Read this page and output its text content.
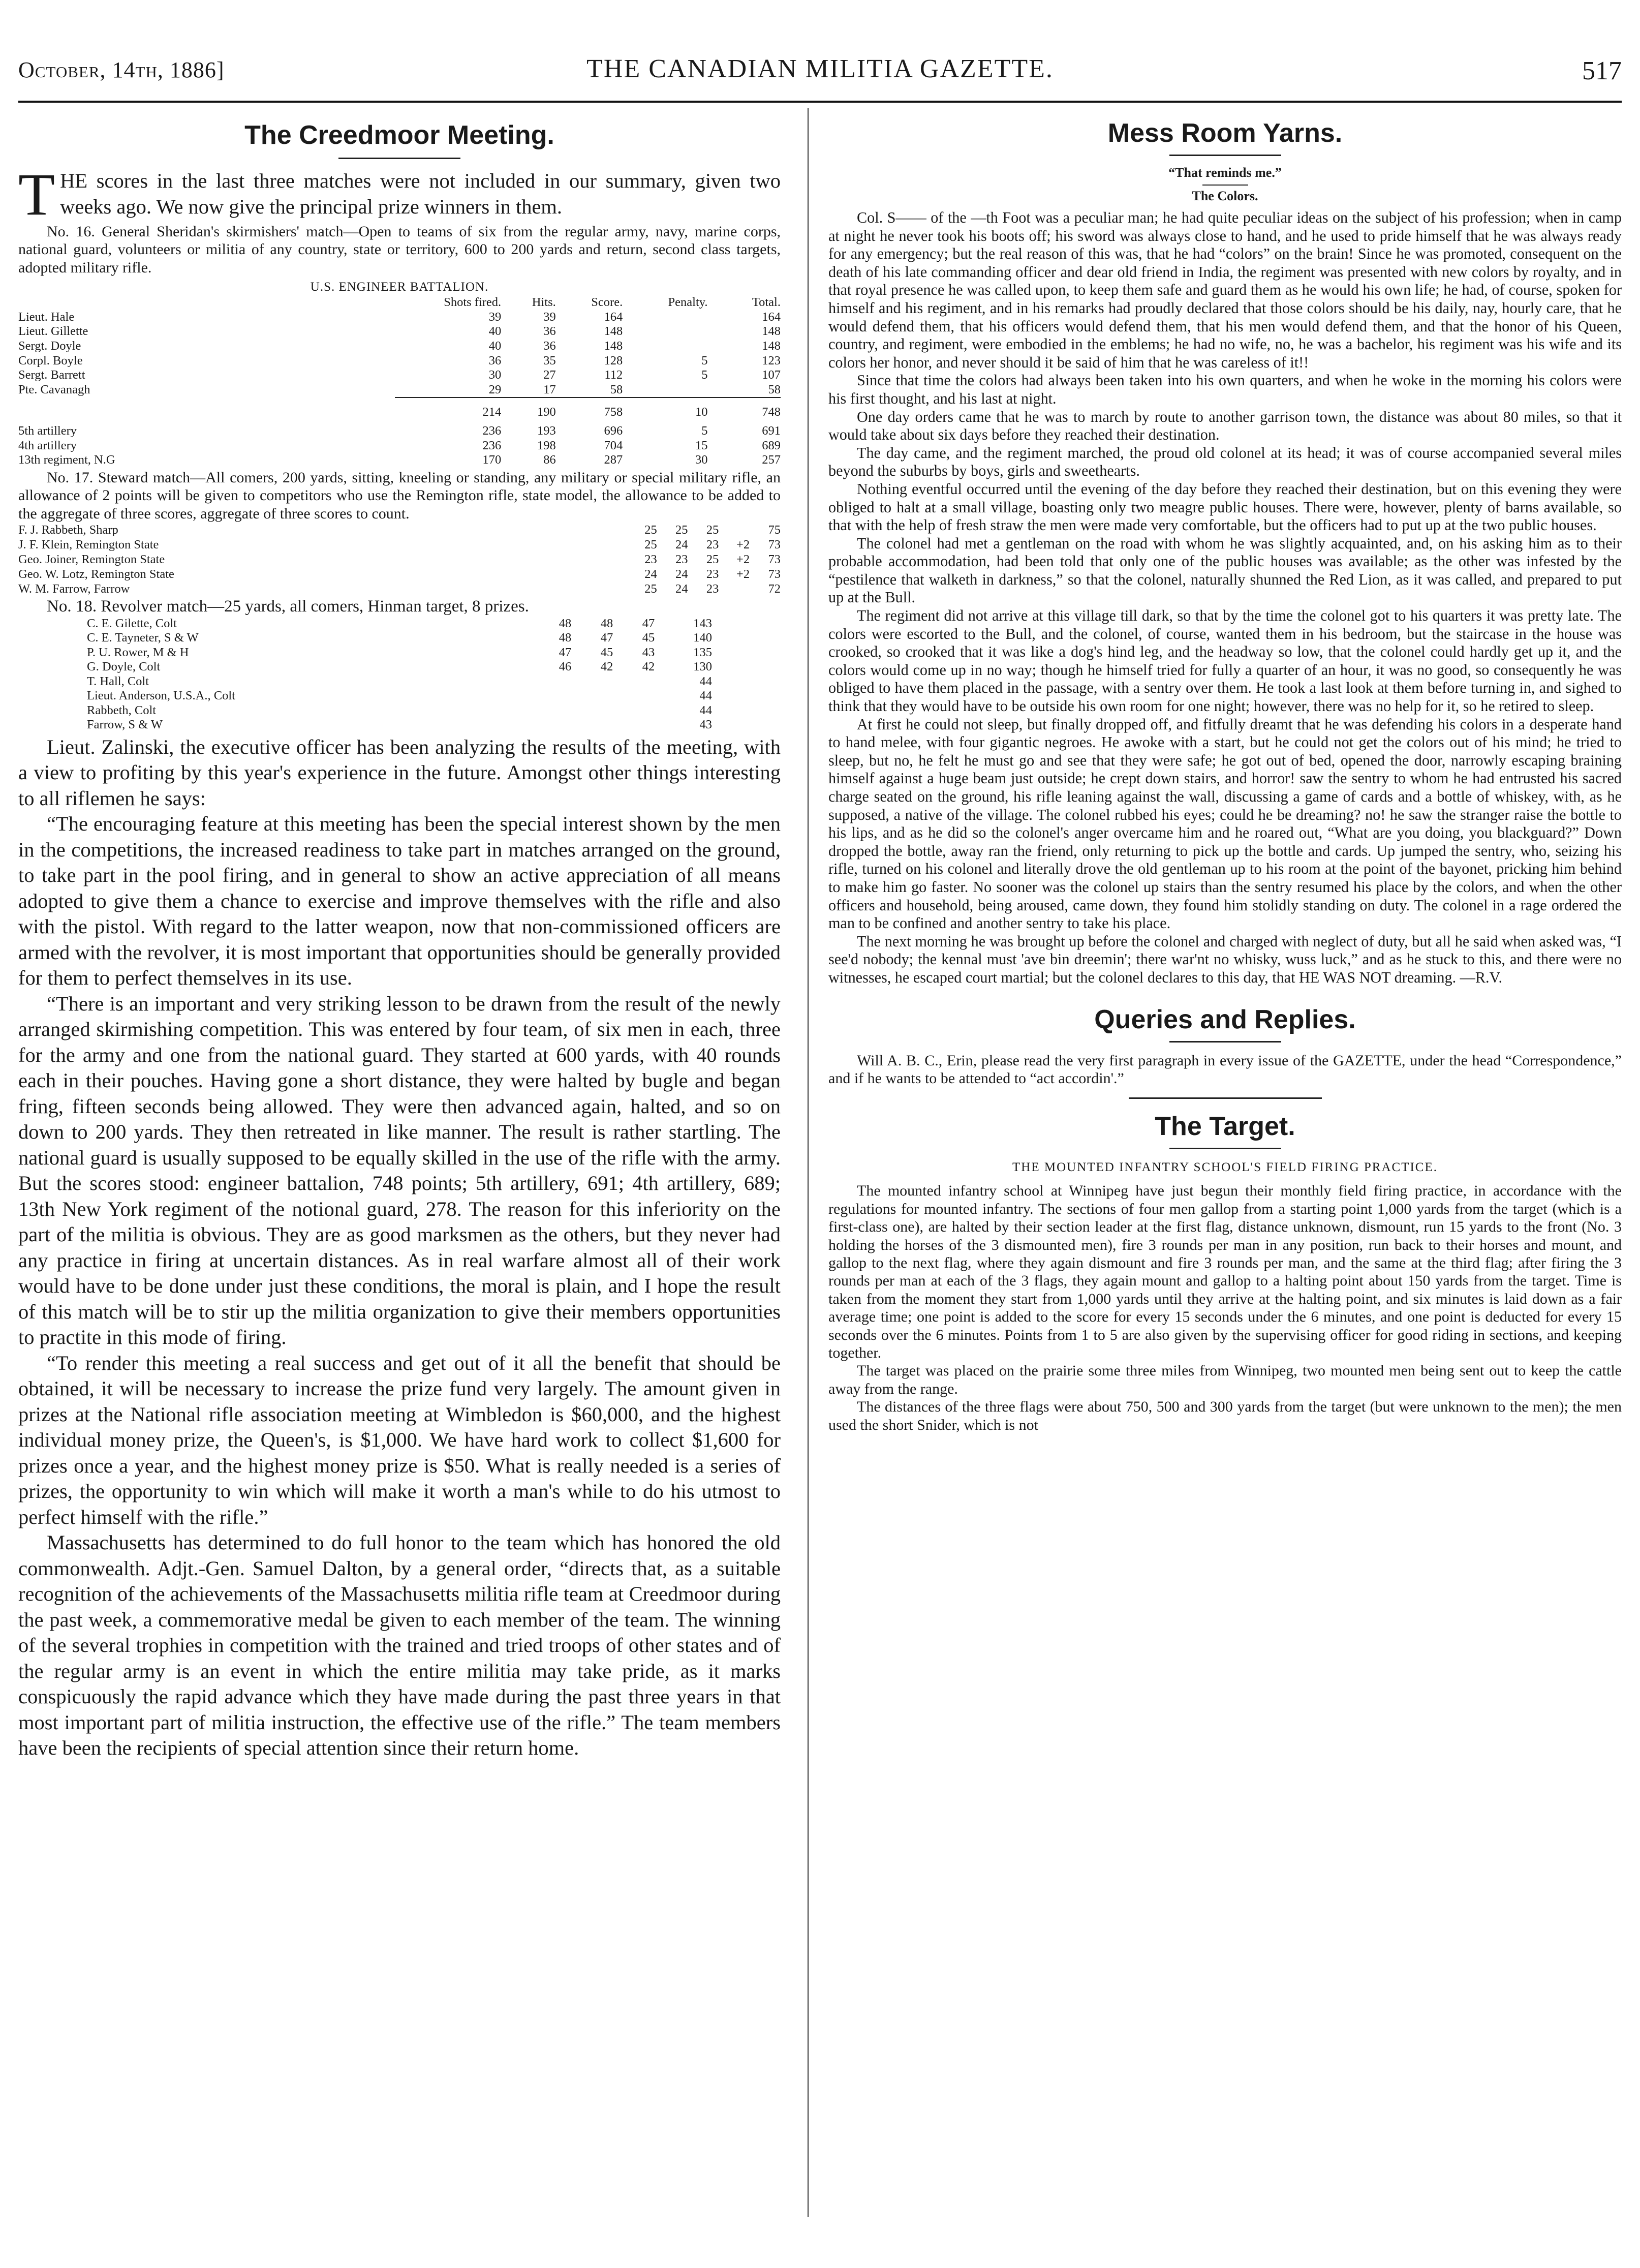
October, 14th, 1886]	THE CANADIAN MILITIA GAZETTE.	517
The Creedmoor Meeting.

THE scores in the last three matches were not included in our summary, given two weeks ago. We now give the principal prize winners in them.

No. 16. General Sheridan's skirmishers' match—Open to teams of six from the regular army, navy, marine corps, national guard, volunteers or militia of any country, state or territory, 600 to 200 yards and return, second class targets, adopted military rifle.

U.S. ENGINEER BATTALION.
	Shots fired.	Hits.	Score.	Penalty.	Total.
Lieut. Hale	39	39	164		164
Lieut. Gillette	40	36	148		148
Sergt. Doyle	40	36	148		148
Corpl. Boyle	36	35	128	5	123
Sergt. Barrett	30	27	112	5	107
Pte. Cavanagh	29	17	58		58
	214	190	758	10	748
5th artillery	236	193	696	5	691
4th artillery	236	198	704	15	689
13th regiment, N.G	170	86	287	30	257

No. 17. Steward match—All comers, 200 yards, sitting, kneeling or standing, any military or special military rifle, an allowance of 2 points will be given to competitors who use the Remington rifle, state model, the allowance to be added to the aggregate of three scores, aggregate of three scores to count.

F. J. Rabbeth, Sharp	25	25	25		75
J. F. Klein, Remington State	25	24	23	+2	73
Geo. Joiner, Remington State	23	23	25	+2	73
Geo. W. Lotz, Remington State	24	24	23	+2	73
W. M. Farrow, Farrow	25	24	23		72

No. 18. Revolver match—25 yards, all comers, Hinman target, 8 prizes.

C. E. Gilette, Colt	48	48	47	143
C. E. Tayneter, S & W	48	47	45	140
P. U. Rower, M & H	47	45	43	135
G. Doyle, Colt	46	42	42	130
T. Hall, Colt				44
Lieut. Anderson, U.S.A., Colt				44
Rabbeth, Colt				44
Farrow, S & W				43

Lieut. Zalinski, the executive officer has been analyzing the results of the meeting, with a view to profiting by this year's experience in the future. Amongst other things interesting to all riflemen he says:

“The encouraging feature at this meeting has been the special interest shown by the men in the competitions, the increased readiness to take part in matches arranged on the ground, to take part in the pool firing, and in general to show an active appreciation of all means adopted to give them a chance to exercise and improve themselves with the rifle and also with the pistol. With regard to the latter weapon, now that non-commissioned officers are armed with the revolver, it is most important that opportunities should be generally provided for them to perfect themselves in its use.

“There is an important and very striking lesson to be drawn from the result of the newly arranged skirmishing competition. This was entered by four team, of six men in each, three for the army and one from the national guard. They started at 600 yards, with 40 rounds each in their pouches. Having gone a short distance, they were halted by bugle and began fring, fifteen seconds being allowed. They were then advanced again, halted, and so on down to 200 yards. They then retreated in like manner. The result is rather startling. The national guard is usually supposed to be equally skilled in the use of the rifle with the army. But the scores stood: engineer battalion, 748 points; 5th artillery, 691; 4th artillery, 689; 13th New York regiment of the notional guard, 278. The reason for this inferiority on the part of the militia is obvious. They are as good marksmen as the others, but they never had any practice in firing at uncertain distances. As in real warfare almost all of their work would have to be done under just these conditions, the moral is plain, and I hope the result of this match will be to stir up the militia organization to give their members opportunities to practite in this mode of firing.

“To render this meeting a real success and get out of it all the benefit that should be obtained, it will be necessary to increase the prize fund very largely. The amount given in prizes at the National rifle association meeting at Wimbledon is $60,000, and the highest individual money prize, the Queen's, is $1,000. We have hard work to collect $1,600 for prizes once a year, and the highest money prize is $50. What is really needed is a series of prizes, the opportunity to win which will make it worth a man's while to do his utmost to perfect himself with the rifle.”

Massachusetts has determined to do full honor to the team which has honored the old commonwealth. Adjt.-Gen. Samuel Dalton, by a general order, “directs that, as a suitable recognition of the achievements of the Massachusetts militia rifle team at Creedmoor during the past week, a commemorative medal be given to each member of the team. The winning of the several trophies in competition with the trained and tried troops of other states and of the regular army is an event in which the entire militia may take pride, as it marks conspicuously the rapid advance which they have made during the past three years in that most important part of militia instruction, the effective use of the rifle.” The team members have been the recipients of special attention since their return home.

Mess Room Yarns.
“That reminds me.”
The Colors.

Col. S—— of the —th Foot was a peculiar man; he had quite peculiar ideas on the subject of his profession; when in camp at night he never took his boots off; his sword was always close to hand, and he used to pride himself that he was always ready for any emergency; but the real reason of this was, that he had “colors” on the brain! Since he was promoted, consequent on the death of his late commanding officer and dear old friend in India, the regiment was presented with new colors by royalty, and in that royal presence he was called upon, to keep them safe and guard them as he would his own life; he had, of course, spoken for himself and his regiment, and in his remarks had proudly declared that those colors should be his daily, nay, hourly care, that he would defend them, that his officers would defend them, that his men would defend them, and that the honor of his Queen, country, and regiment, were embodied in the emblems; he had no wife, no, he was a bachelor, his regiment was his wife and its colors her honor, and never should it be said of him that he was careless of it!!

Since that time the colors had always been taken into his own quarters, and when he woke in the morning his colors were his first thought, and his last at night.

One day orders came that he was to march by route to another garrison town, the distance was about 80 miles, so that it would take about six days before they reached their destination.

The day came, and the regiment marched, the proud old colonel at its head; it was of course accompanied several miles beyond the suburbs by boys, girls and sweethearts.

Nothing eventful occurred until the evening of the day before they reached their destination, but on this evening they were obliged to halt at a small village, boasting only two meagre public houses. There were, however, plenty of barns available, so that with the help of fresh straw the men were made very comfortable, but the officers had to put up at the two public houses.

The colonel had met a gentleman on the road with whom he was slightly acquainted, and, on his asking him as to their probable accommodation, had been told that only one of the public houses was available; as the other was infested by the “pestilence that walketh in darkness,” so that the colonel, naturally shunned the Red Lion, as it was called, and prepared to put up at the Bull.

The regiment did not arrive at this village till dark, so that by the time the colonel got to his quarters it was pretty late. The colors were escorted to the Bull, and the colonel, of course, wanted them in his bedroom, but the staircase in the house was crooked, so crooked that it was like a dog's hind leg, and the headway so low, that the colonel could hardly get up it, and the colors would come up in no way; though he himself tried for fully a quarter of an hour, it was no good, so consequently he was obliged to have them placed in the passage, with a sentry over them. He took a last look at them before turning in, and sighed to think that they would have to be outside his own room for one night; however, there was no help for it, so he retired to sleep.

At first he could not sleep, but finally dropped off, and fitfully dreamt that he was defending his colors in a desperate hand to hand melee, with four gigantic negroes. He awoke with a start, but he could not get the colors out of his mind; he tried to sleep, but no, he felt he must go and see that they were safe; he got out of bed, opened the door, narrowly escaping braining himself against a huge beam just outside; he crept down stairs, and horror! saw the sentry to whom he had entrusted his sacred charge seated on the ground, his rifle leaning against the wall, discussing a game of cards and a bottle of whiskey, with, as he supposed, a native of the village. The colonel rubbed his eyes; could he be dreaming? no! he saw the stranger raise the bottle to his lips, and as he did so the colonel's anger overcame him and he roared out, “What are you doing, you blackguard?” Down dropped the bottle, away ran the friend, only returning to pick up the bottle and cards. Up jumped the sentry, who, seizing his rifle, turned on his colonel and literally drove the old gentleman up to his room at the point of the bayonet, pricking him behind to make him go faster. No sooner was the colonel up stairs than the sentry resumed his place by the colors, and when the other officers and household, being aroused, came down, they found him stolidly standing on duty. The colonel in a rage ordered the man to be confined and another sentry to take his place.

The next morning he was brought up before the colonel and charged with neglect of duty, but all he said when asked was, “I see'd nobody; the kennal must 'ave bin dreemin'; there war'nt no whisky, wuss luck,” and as he stuck to this, and there were no witnesses, he escaped court martial; but the colonel declares to this day, that HE WAS NOT dreaming. —R.V.

Queries and Replies.

Will A. B. C., Erin, please read the very first paragraph in every issue of the GAZETTE, under the head “Correspondence,” and if he wants to be attended to “act accordin'.”

The Target.
THE MOUNTED INFANTRY SCHOOL'S FIELD FIRING PRACTICE.

The mounted infantry school at Winnipeg have just begun their monthly field firing practice, in accordance with the regulations for mounted infantry. The sections of four men gallop from a starting point 1,000 yards from the target (which is a first-class one), are halted by their section leader at the first flag, distance unknown, dismount, run 15 yards to the front (No. 3 holding the horses of the 3 dismounted men), fire 3 rounds per man in any position, run back to their horses and mount, and gallop to the next flag, where they again dismount and fire 3 rounds per man, and the same at the third flag; after firing the 3 rounds per man at each of the 3 flags, they again mount and gallop to a halting point about 150 yards from the target. Time is taken from the moment they start from 1,000 yards until they arrive at the halting point, and six minutes is laid down as a fair average time; one point is added to the score for every 15 seconds under the 6 minutes, and one point is deducted for every 15 seconds over the 6 minutes. Points from 1 to 5 are also given by the supervising officer for good riding in sections, and keeping together.

The target was placed on the prairie some three miles from Winnipeg, two mounted men being sent out to keep the cattle away from the range.

The distances of the three flags were about 750, 500 and 300 yards from the target (but were unknown to the men); the men used the short Snider, which is not
